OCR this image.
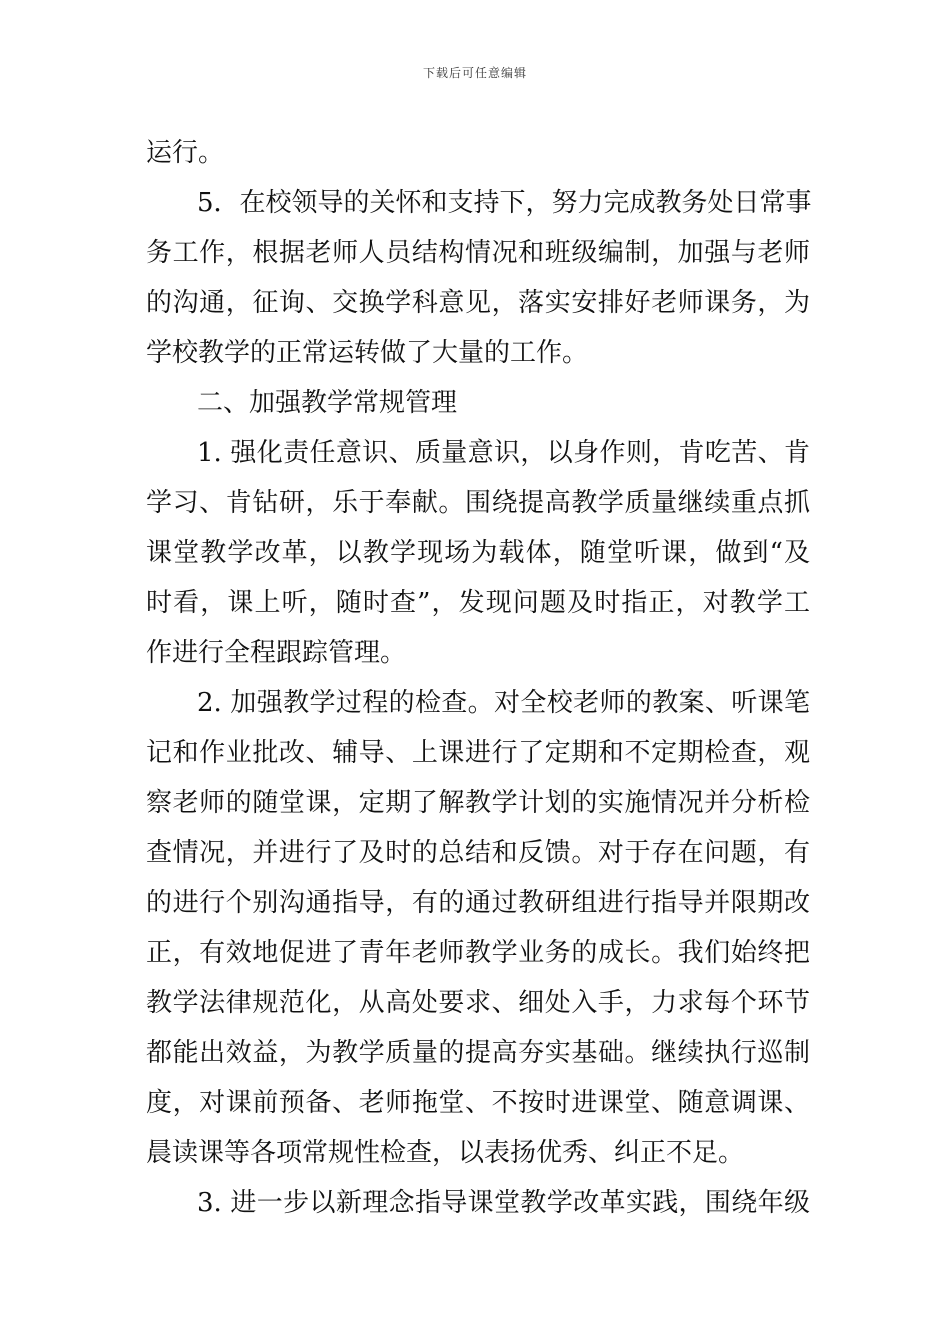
下载后可任意编辑
运行。
5．在校领导的关怀和支持下，努力完成教务处日常事
务工作，根据老师人员结构情况和班级编制，加强与老师
的沟通，征询、交换学科意见，落实安排好老师课务，为
学校教学的正常运转做了大量的工作。
二、加强教学常规管理
1. 强化责任意识、质量意识，以身作则，肯吃苦、肯
学习、肯钻研，乐于奉献。围绕提高教学质量继续重点抓
课堂教学改革，以教学现场为载体，随堂听课，做到“及
时看，课上听，随时查”，发现问题及时指正，对教学工
作进行全程跟踪管理。
2. 加强教学过程的检查。对全校老师的教案、听课笔
记和作业批改、辅导、上课进行了定期和不定期检查，观
察老师的随堂课，定期了解教学计划的实施情况并分析检
查情况，并进行了及时的总结和反馈。对于存在问题，有
的进行个别沟通指导，有的通过教研组进行指导并限期改
正，有效地促进了青年老师教学业务的成长。我们始终把
教学法律规范化，从高处要求、细处入手，力求每个环节
都能出效益，为教学质量的提高夯实基础。继续执行巡制
度，对课前预备、老师拖堂、不按时进课堂、随意调课、
晨读课等各项常规性检查，以表扬优秀、纠正不足。
3. 进一步以新理念指导课堂教学改革实践，围绕年级
